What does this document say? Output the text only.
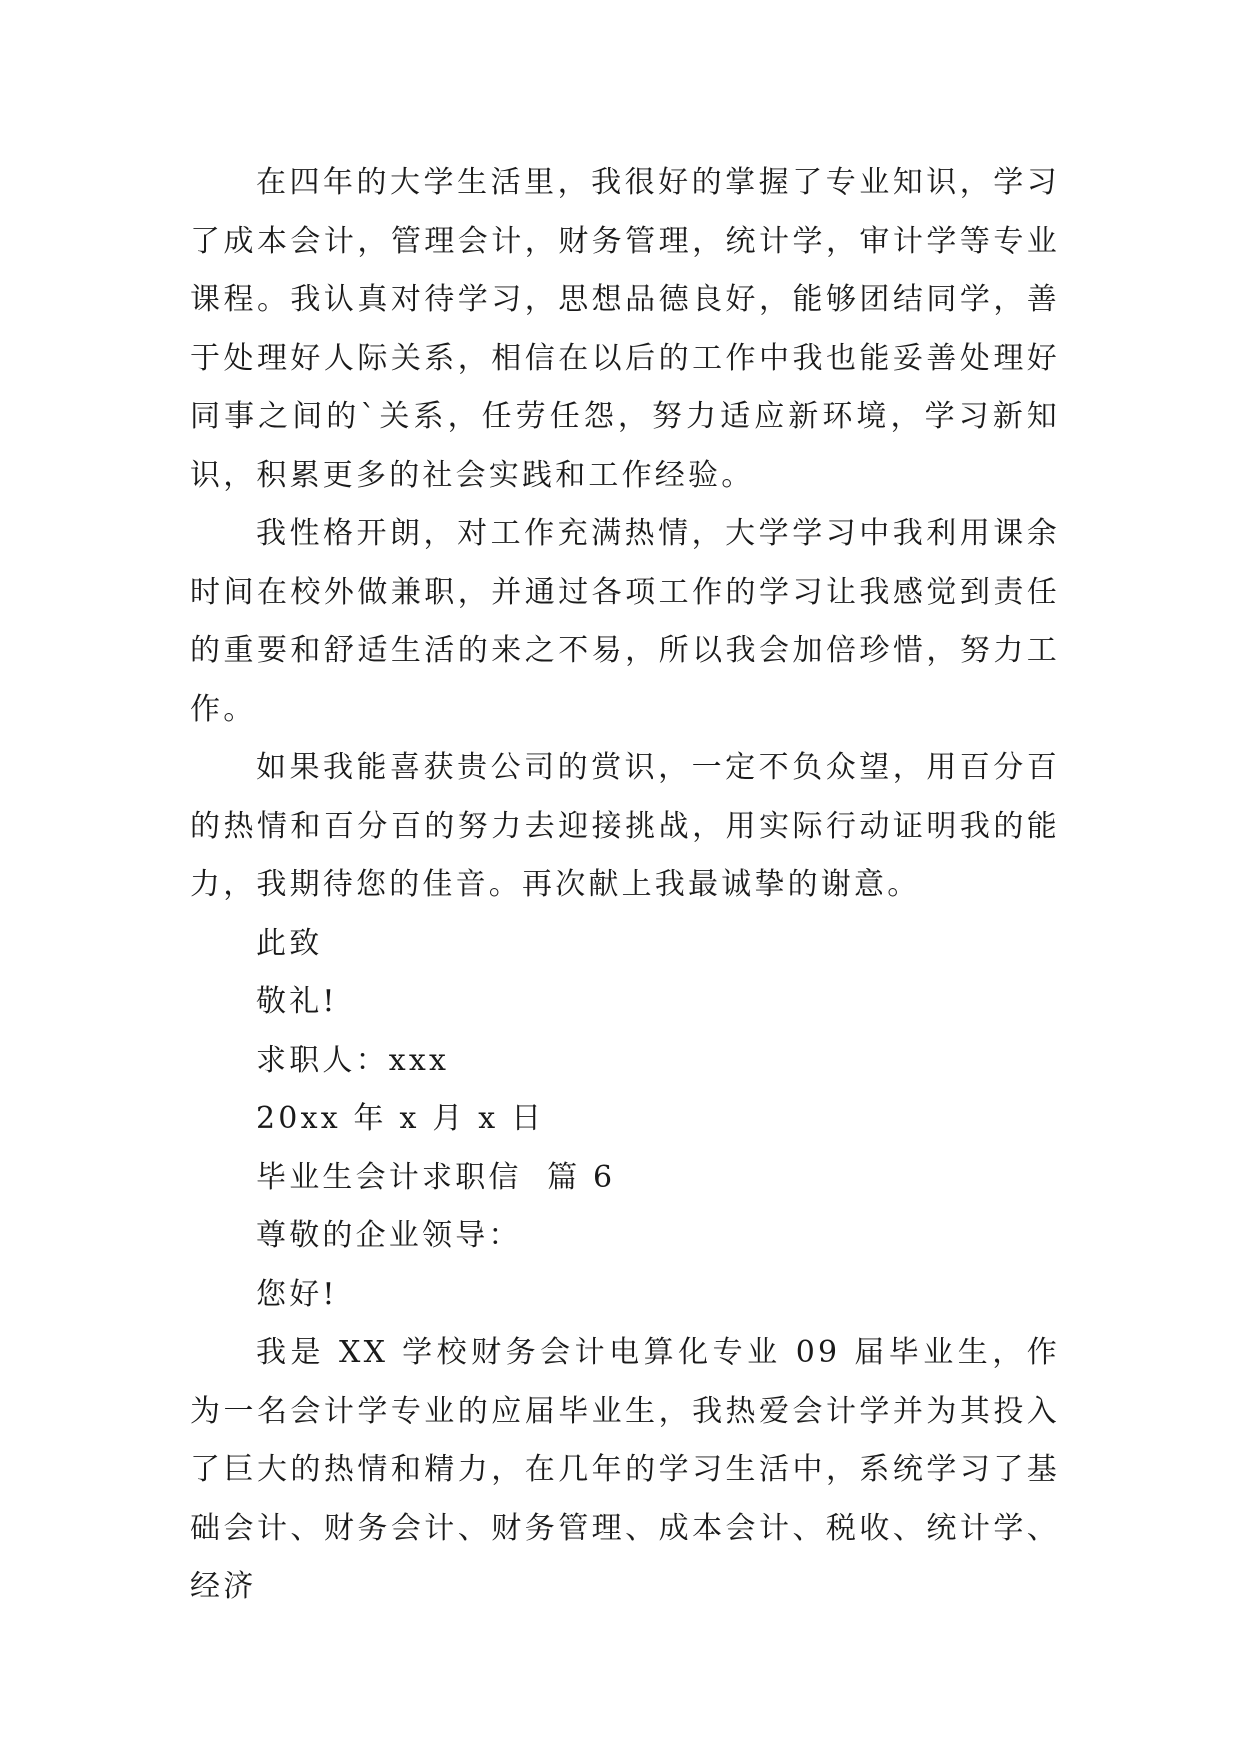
在四年的大学生活里，我很好的掌握了专业知识，学习了成本会计，管理会计，财务管理，统计学，审计学等专业课程。我认真对待学习，思想品德良好，能够团结同学，善于处理好人际关系，相信在以后的工作中我也能妥善处理好同事之间的`关系，任劳任怨，努力适应新环境，学习新知识，积累更多的社会实践和工作经验。

我性格开朗，对工作充满热情，大学学习中我利用课余时间在校外做兼职，并通过各项工作的学习让我感觉到责任的重要和舒适生活的来之不易，所以我会加倍珍惜，努力工作。

如果我能喜获贵公司的赏识，一定不负众望，用百分百的热情和百分百的努力去迎接挑战，用实际行动证明我的能力，我期待您的佳音。再次献上我最诚挚的谢意。

此致

敬礼!

求职人：xxx

20xx 年 x 月 x 日

毕业生会计求职信  篇 6

尊敬的企业领导：

您好!

我是 XX 学校财务会计电算化专业 09 届毕业生，作为一名会计学专业的应届毕业生，我热爱会计学并为其投入了巨大的热情和精力，在几年的学习生活中，系统学习了基础会计、财务会计、财务管理、成本会计、税收、统计学、经济
